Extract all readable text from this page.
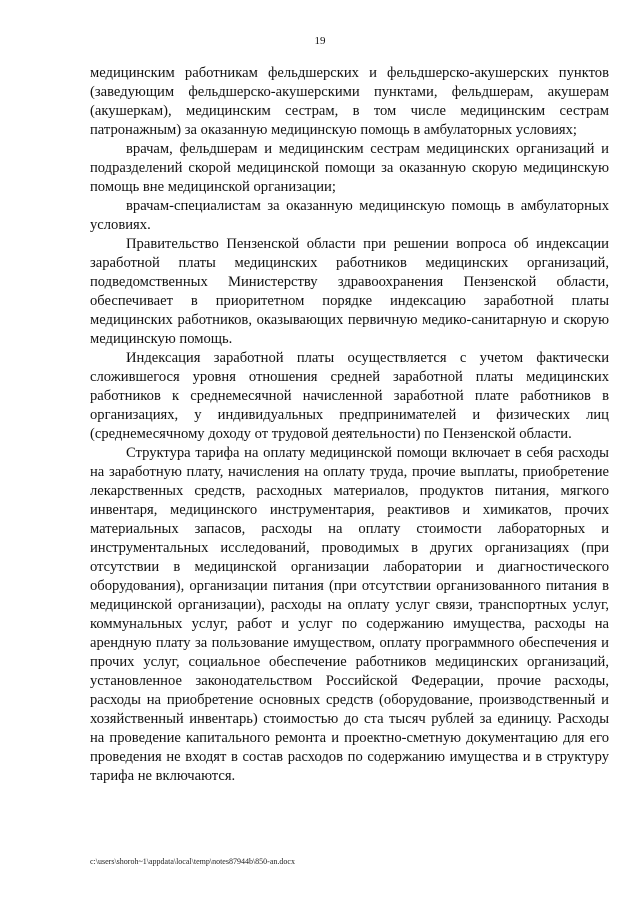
19

медицинским работникам фельдшерских и фельдшерско-акушерских пунктов (заведующим фельдшерско-акушерскими пунктами, фельдшерам, акушерам (акушеркам), медицинским сестрам, в том числе медицинским сестрам патронажным) за оказанную медицинскую помощь в амбулаторных условиях;

врачам, фельдшерам и медицинским сестрам медицинских организаций и подразделений скорой медицинской помощи за оказанную скорую медицинскую помощь вне медицинской организации;

врачам-специалистам за оказанную медицинскую помощь в амбулаторных условиях.

Правительство Пензенской области при решении вопроса об индексации заработной платы медицинских работников медицинских организаций, подведомственных Министерству здравоохранения Пензенской области, обеспечивает в приоритетном порядке индексацию заработной платы медицинских работников, оказывающих первичную медико-санитарную и скорую медицинскую помощь.

Индексация заработной платы осуществляется с учетом фактически сложившегося уровня отношения средней заработной платы медицинских работников к среднемесячной начисленной заработной плате работников в организациях, у индивидуальных предпринимателей и физических лиц (среднемесячному доходу от трудовой деятельности) по Пензенской области.

Структура тарифа на оплату медицинской помощи включает в себя расходы на заработную плату, начисления на оплату труда, прочие выплаты, приобретение лекарственных средств, расходных материалов, продуктов питания, мягкого инвентаря, медицинского инструментария, реактивов и химикатов, прочих материальных запасов, расходы на оплату стоимости лабораторных и инструментальных исследований, проводимых в других организациях (при отсутствии в медицинской организации лаборатории и диагностического оборудования), организации питания (при отсутствии организованного питания в медицинской организации), расходы на оплату услуг связи, транспортных услуг, коммунальных услуг, работ и услуг по содержанию имущества, расходы на арендную плату за пользование имуществом, оплату программного обеспечения и прочих услуг, социальное обеспечение работников медицинских организаций, установленное законодательством Российской Федерации, прочие расходы, расходы на приобретение основных средств (оборудование, производственный и хозяйственный инвентарь) стоимостью до ста тысяч рублей за единицу. Расходы на проведение капитального ремонта и проектно-сметную документацию для его проведения не входят в состав расходов по содержанию имущества и в структуру тарифа не включаются.

c:\users\shoroh~1\appdata\local\temp\notes87944b\850-an.docx
